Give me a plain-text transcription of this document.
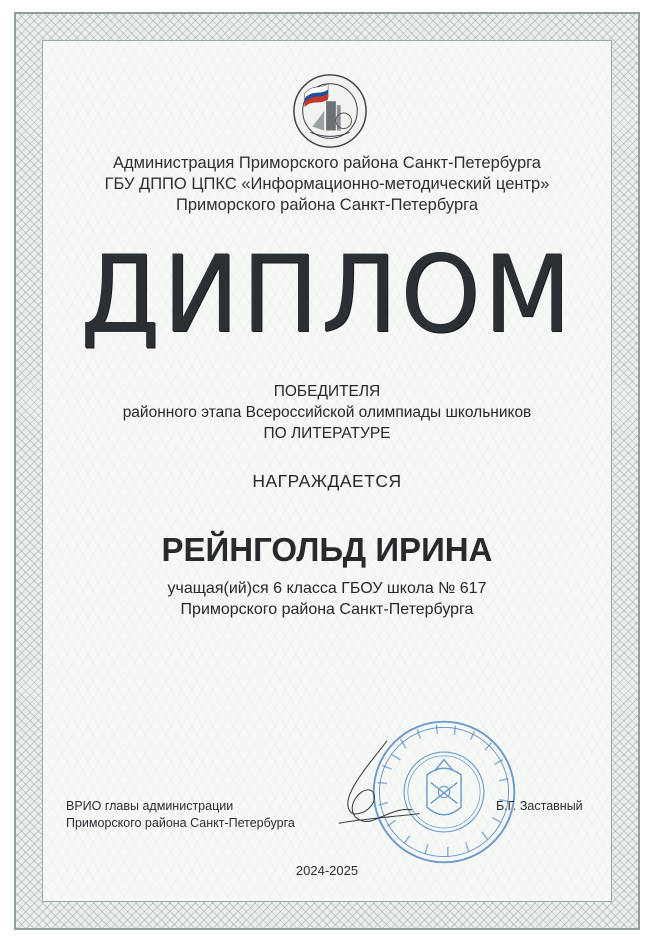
Администрация Приморского района Санкт-Петербурга
ГБУ ДППО ЦПКС «Информационно-методический центр»
Приморского района Санкт-Петербурга
ДИПЛОМ
ПОБЕДИТЕЛЯ
районного этапа Всероссийской олимпиады школьников
ПО ЛИТЕРАТУРЕ
НАГРАЖДАЕТСЯ
РЕЙНГОЛЬД ИРИНА
учащая(ий)ся 6 класса ГБОУ школа № 617
Приморского района Санкт-Петербурга
ВРИО главы администрации
Приморского района Санкт-Петербурга
Б.Г. Заставный
2024-2025
